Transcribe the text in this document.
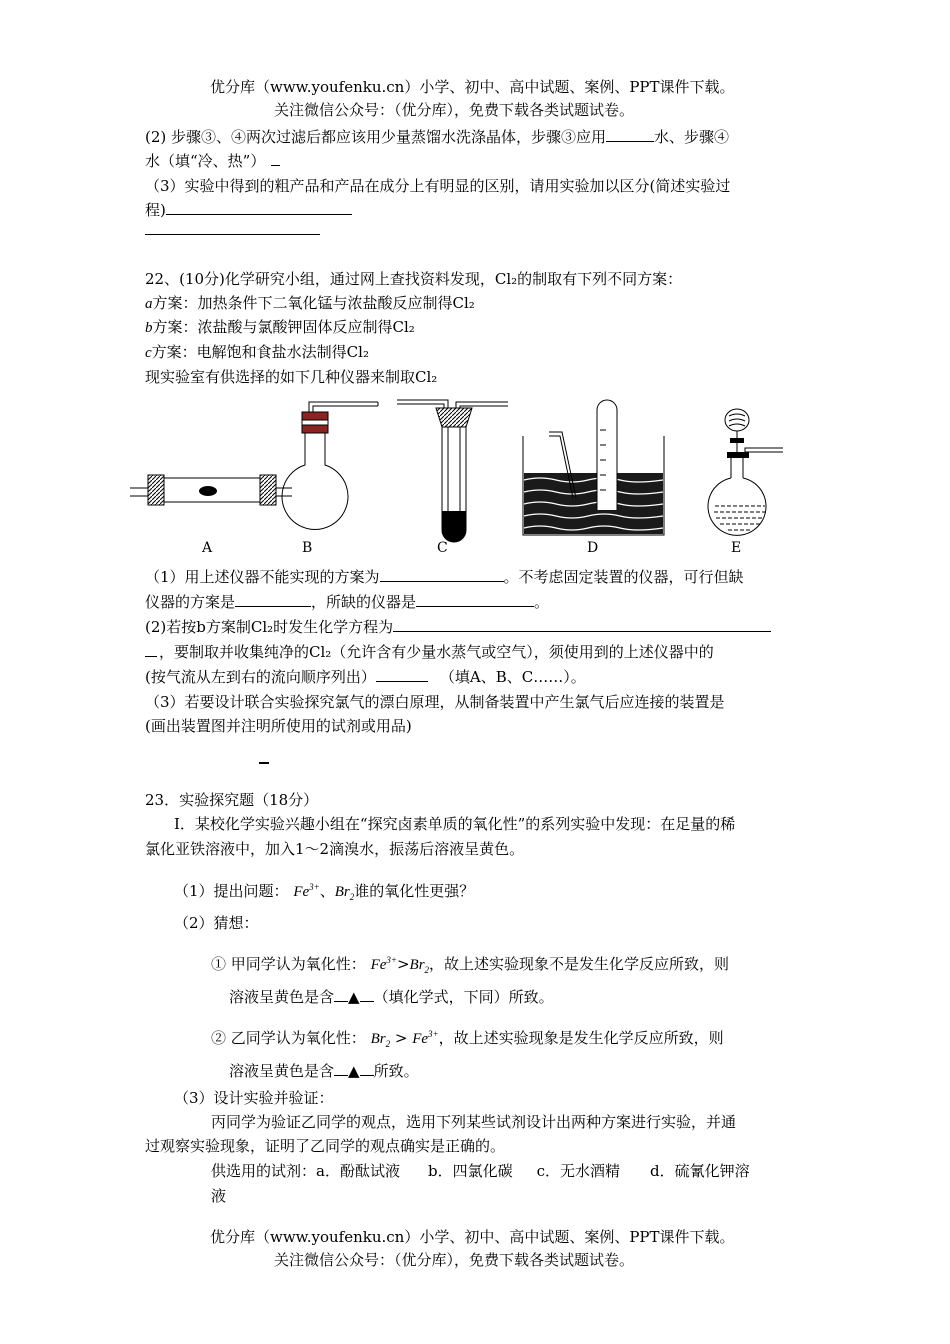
优分库（www.youfenku.cn）小学、初中、高中试题、案例、PPT课件下载。
关注微信公众号：（优分库），免费下载各类试题试卷。
(2) 步骤③、④两次过滤后都应该用少量蒸馏水洗涤晶体，步骤③应用	水、步骤④
水（填“冷、热”）
（3）实验中得到的粗产品和产品在成分上有明显的区别，请用实验加以区分(简述实验过
程)
22、(10分)化学研究小组，通过网上查找资料发现，Cl₂的制取有下列不同方案：
a方案：加热条件下二氧化锰与浓盐酸反应制得Cl₂
b方案：浓盐酸与氯酸钾固体反应制得Cl₂
c方案：电解饱和食盐水法制得Cl₂
现实验室有供选择的如下几种仪器来制取Cl₂
A	B	C	D	E
（1）用上述仪器不能实现的方案为	。不考虑固定装置的仪器，可行但缺
仪器的方案是	，所缺的仪器是	。
(2)若按b方案制Cl₂时发生化学方程为
，要制取并收集纯净的Cl₂（允许含有少量水蒸气或空气），须使用到的上述仪器中的
(按气流从左到右的流向顺序列出）	（填A、B、C……）。
（3）若要设计联合实验探究氯气的漂白原理，从制备装置中产生氯气后应连接的装置是
(画出装置图并注明所使用的试剂或用品)
23．实验探究题（18分）
I．某校化学实验兴趣小组在“探究卤素单质的氧化性”的系列实验中发现：在足量的稀
氯化亚铁溶液中，加入1～2滴溴水，振荡后溶液呈黄色。
（1）提出问题： $Fe^{3+}$、$Br_2$谁的氧化性更强？
（2）猜想：
① 甲同学认为氧化性： $Fe^{3+}>Br_2$，故上述实验现象不是发生化学反应所致，则
溶液呈黄色是含 ▲ （填化学式，下同）所致。
② 乙同学认为氧化性： $Br_2 > Fe^{3+}$，故上述实验现象是发生化学反应所致，则
溶液呈黄色是含 ▲ 所致。
（3）设计实验并验证：
丙同学为验证乙同学的观点，选用下列某些试剂设计出两种方案进行实验，并通
过观察实验现象，证明了乙同学的观点确实是正确的。
供选用的试剂：a．酚酞试液 b．四氯化碳 c．无水酒精 d．硫氰化钾溶
液
优分库（www.youfenku.cn）小学、初中、高中试题、案例、PPT课件下载。
关注微信公众号：（优分库），免费下载各类试题试卷。
